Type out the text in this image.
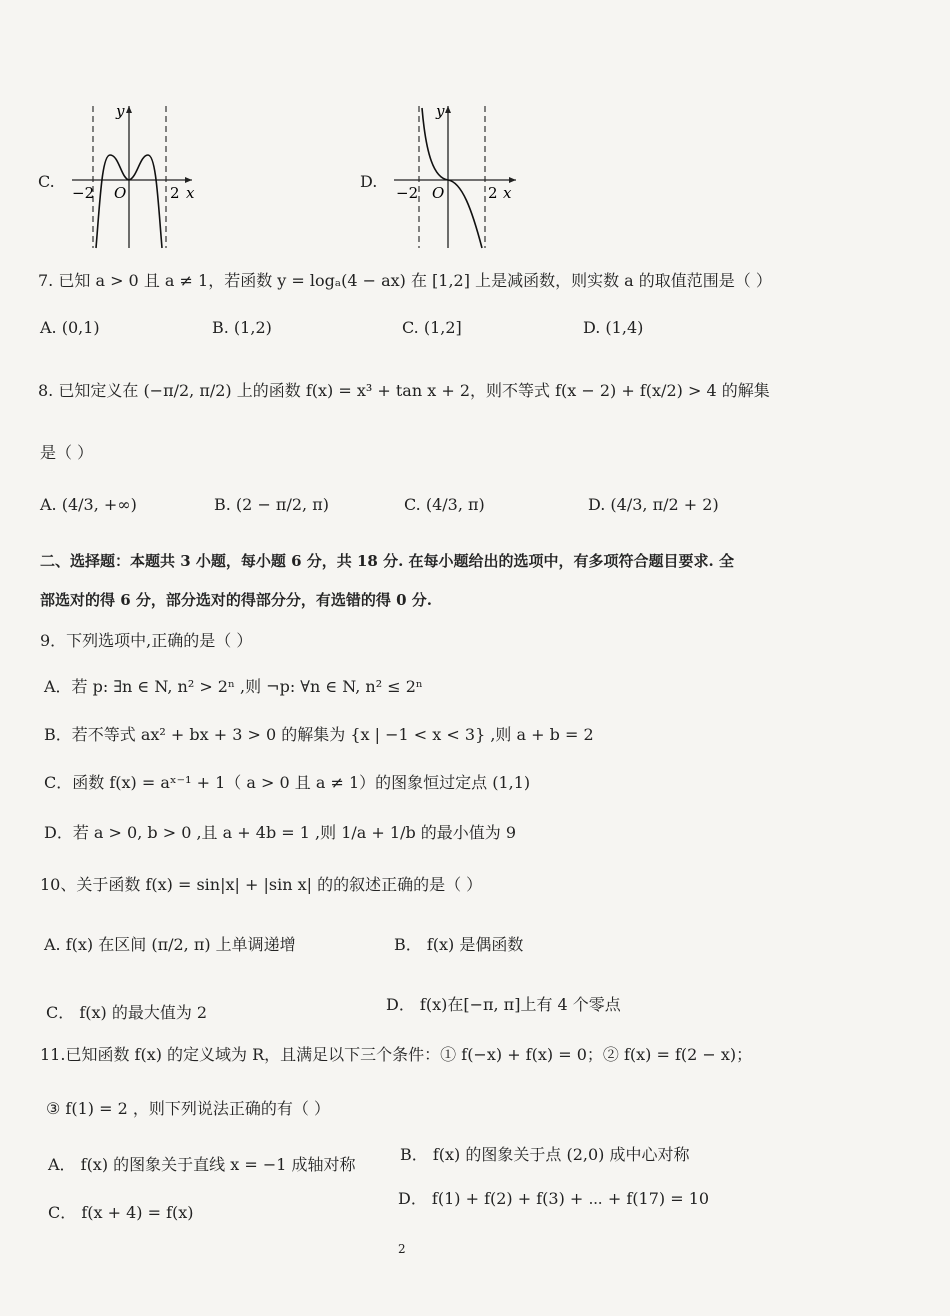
C.
y
−2 O	2 x
D.
y
−2 O	2 x
7. 已知 a > 0 且 a ≠ 1，若函数 y = logₐ(4 − ax) 在 [1,2] 上是减函数，则实数 a 的取值范围是（ ）
A. (0,1)	B. (1,2)	C. (1,2]	D. (1,4)
8. 已知定义在 (−π/2, π/2) 上的函数 f(x) = x³ + tan x + 2，则不等式 f(x − 2) + f(x/2) > 4 的解集
是（ ）
A. (4/3, +∞)	B. (2 − π/2, π)	C. (4/3, π)	D. (4/3, π/2 + 2)
二、选择题：本题共 3 小题，每小题 6 分，共 18 分. 在每小题给出的选项中，有多项符合题目要求. 全
部选对的得 6 分，部分选对的得部分分，有选错的得 0 分.
9．下列选项中,正确的是（ ）
A．若 p: ∃n ∈ N, n² > 2ⁿ ,则 ¬p: ∀n ∈ N, n² ≤ 2ⁿ
B．若不等式 ax² + bx + 3 > 0 的解集为 {x | −1 < x < 3} ,则 a + b = 2
C．函数 f(x) = aˣ⁻¹ + 1（ a > 0 且 a ≠ 1）的图象恒过定点 (1,1)
D．若 a > 0, b > 0 ,且 a + 4b = 1 ,则 1/a + 1/b 的最小值为 9
10、关于函数 f(x) = sin|x| + |sin x| 的的叙述正确的是（ ）
A. f(x) 在区间 (π/2, π) 上单调递增	B． f(x) 是偶函数
C． f(x) 的最大值为 2	D． f(x)在[−π, π]上有 4 个零点
11.已知函数 f(x) 的定义域为 R，且满足以下三个条件：① f(−x) + f(x) = 0；② f(x) = f(2 − x)；
③ f(1) = 2 ，则下列说法正确的有（ ）
A． f(x) 的图象关于直线 x = −1 成轴对称
B． f(x) 的图象关于点 (2,0) 成中心对称
C． f(x + 4) = f(x)
D． f(1) + f(2) + f(3) + ⋯ + f(17) = 10
2
